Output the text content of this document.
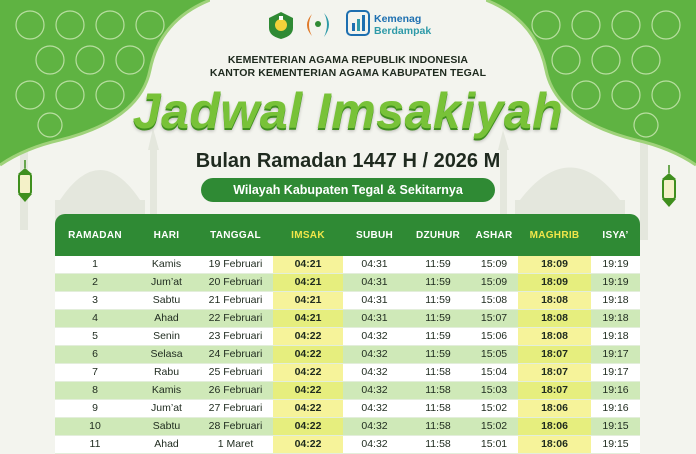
Kemenag
Berdampak
KEMENTERIAN AGAMA REPUBLIK INDONESIA
KANTOR KEMENTERIAN AGAMA KABUPATEN TEGAL
Jadwal Imsakiyah
Bulan Ramadan 1447 H / 2026 M
Wilayah Kabupaten Tegal & Sekitarnya
RAMADAN	HARI	TANGGAL	IMSAK	SUBUH	DZUHUR	ASHAR	MAGHRIB	ISYA’
1	Kamis	19 Februari	04:21	04:31	11:59	15:09	18:09	19:19
2	Jum’at	20 Februari	04:21	04:31	11:59	15:09	18:09	19:19
3	Sabtu	21 Februari	04:21	04:31	11:59	15:08	18:08	19:18
4	Ahad	22 Februari	04:21	04:31	11:59	15:07	18:08	19:18
5	Senin	23 Februari	04:22	04:32	11:59	15:06	18:08	19:18
6	Selasa	24 Februari	04:22	04:32	11:59	15:05	18:07	19:17
7	Rabu	25 Februari	04:22	04:32	11:58	15:04	18:07	19:17
8	Kamis	26 Februari	04:22	04:32	11:58	15:03	18:07	19:16
9	Jum’at	27 Februari	04:22	04:32	11:58	15:02	18:06	19:16
10	Sabtu	28 Februari	04:22	04:32	11:58	15:02	18:06	19:15
11	Ahad	1 Maret	04:22	04:32	11:58	15:01	18:06	19:15
